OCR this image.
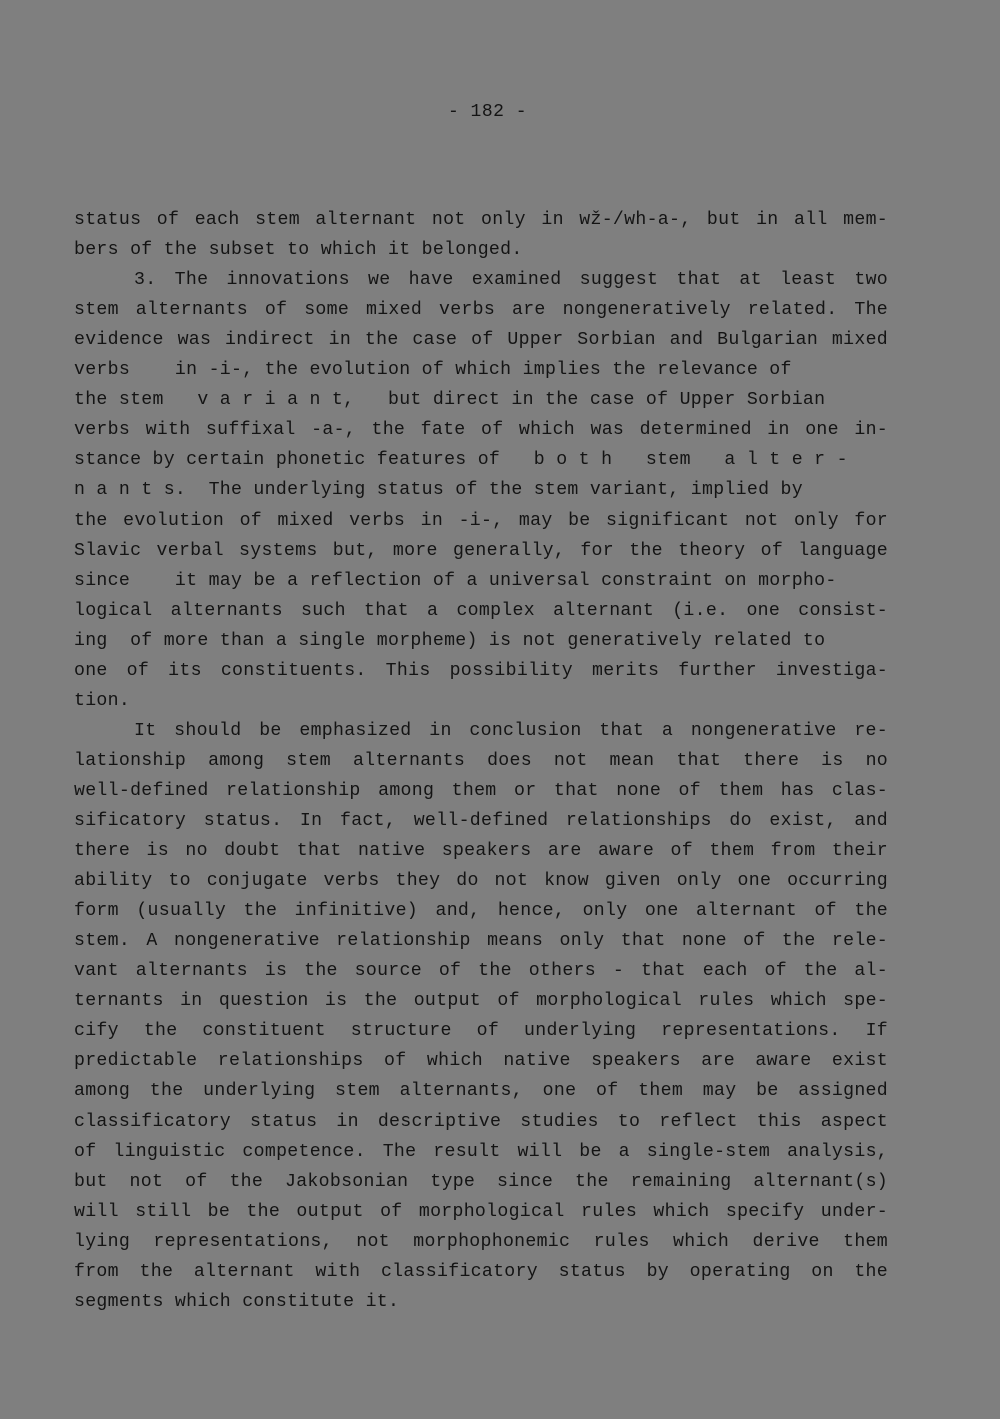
- 182 -
status of each stem alternant not only in wž-/wh-a-, but in all mem-
bers of the subset to which it belonged.
3. The innovations we have examined suggest that at least two
stem alternants of some mixed verbs are nongeneratively related. The
evidence was indirect in the case of Upper Sorbian and Bulgarian mixed
verbs    in -i-, the evolution of which implies the relevance of
the stem   v a r i a n t,   but direct in the case of Upper Sorbian
verbs with suffixal -a-, the fate of which was determined in one in-
stance by certain phonetic features of   b o t h   stem   a l t e r -
n a n t s.  The underlying status of the stem variant, implied by
the evolution of mixed verbs in -i-, may be significant not only for
Slavic verbal systems but, more generally, for the theory of language
since    it may be a reflection of a universal constraint on morpho-
logical alternants such that a complex alternant (i.e. one consist-
ing  of more than a single morpheme) is not generatively related to
one of its constituents. This possibility merits further investiga-
tion.
It should be emphasized in conclusion that a nongenerative re-
lationship among stem alternants does not mean that there is no
well-defined relationship among them or that none of them has clas-
sificatory status. In fact, well-defined relationships do exist, and
there is no doubt that native speakers are aware of them from their
ability to conjugate verbs they do not know given only one occurring
form (usually the infinitive) and, hence, only one alternant of the
stem. A nongenerative relationship means only that none of the rele-
vant alternants is the source of the others - that each of the al-
ternants in question is the output of morphological rules which spe-
cify the constituent structure of underlying representations. If
predictable relationships of which native speakers are aware exist
among the underlying stem alternants, one of them may be assigned
classificatory status in descriptive studies to reflect this aspect
of linguistic competence. The result will be a single-stem analysis,
but not of the Jakobsonian type since the remaining alternant(s)
will still be the output of morphological rules which specify under-
lying representations, not morphophonemic rules which derive them
from the alternant with classificatory status by operating on the
segments which constitute it.
